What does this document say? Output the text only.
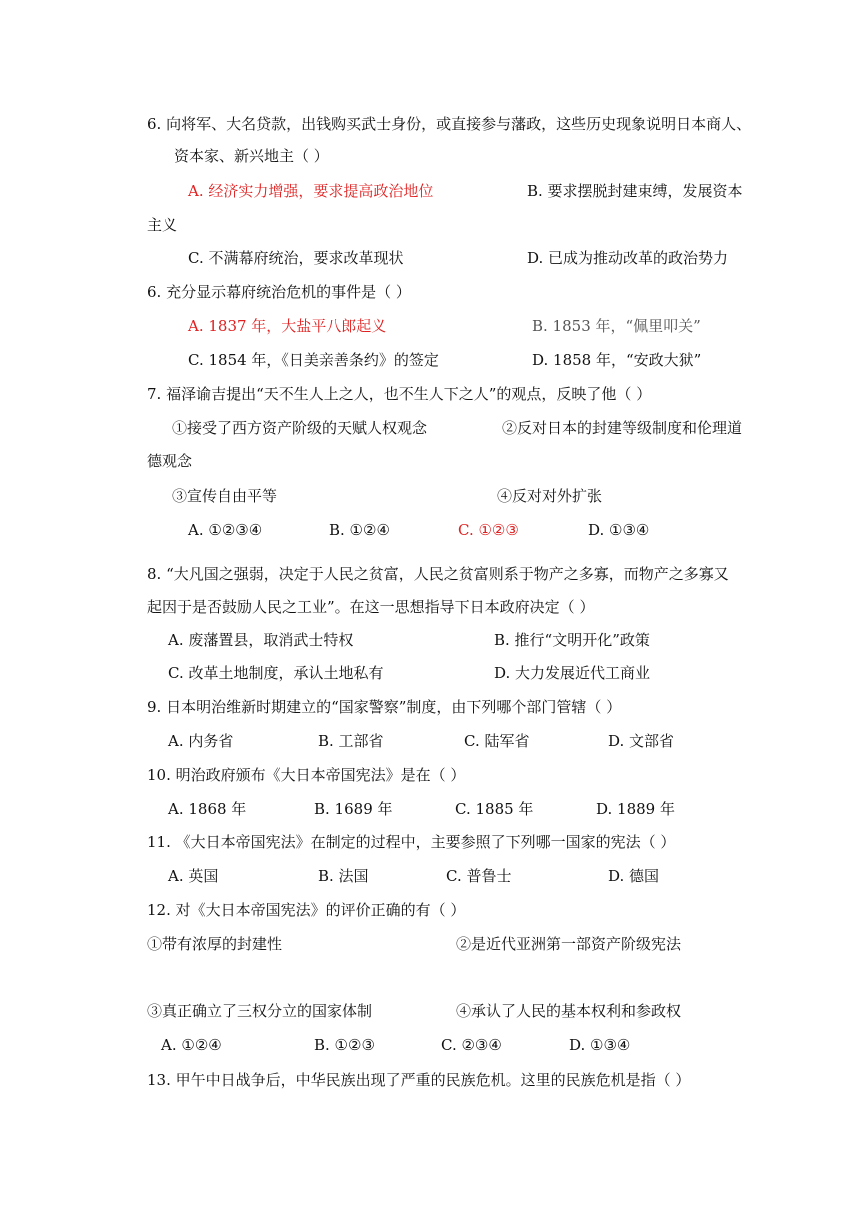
6. 向将军、大名贷款，出钱购买武士身份，或直接参与藩政，这些历史现象说明日本商人、
资本家、新兴地主（ ）
A. 经济实力增强，要求提高政治地位	B. 要求摆脱封建束缚，发展资本
主义
C. 不满幕府统治，要求改革现状	D. 已成为推动改革的政治势力
6. 充分显示幕府统治危机的事件是（ ）
A. 1837 年，大盐平八郎起义	B. 1853 年，“佩里叩关”
C. 1854 年，《日美亲善条约》的签定	D. 1858 年，“安政大狱”
7. 福泽谕吉提出“天不生人上之人，也不生人下之人”的观点，反映了他（ ）
①接受了西方资产阶级的天赋人权观念	②反对日本的封建等级制度和伦理道
德观念
③宣传自由平等	④反对对外扩张
A. ①②③④	B. ①②④	C. ①②③	D. ①③④
8. “大凡国之强弱，决定于人民之贫富，人民之贫富则系于物产之多寡，而物产之多寡又
起因于是否鼓励人民之工业”。在这一思想指导下日本政府决定（ ）
A. 废藩置县，取消武士特权	B. 推行“文明开化”政策
C. 改革土地制度，承认土地私有	D. 大力发展近代工商业
9. 日本明治维新时期建立的“国家警察”制度，由下列哪个部门管辖（ ）
A. 内务省	B. 工部省	C. 陆军省	D. 文部省
10. 明治政府颁布《大日本帝国宪法》是在（ ）
A. 1868 年	B. 1689 年	C. 1885 年	D. 1889 年
11. 《大日本帝国宪法》在制定的过程中，主要参照了下列哪一国家的宪法（ ）
A. 英国	B. 法国	C. 普鲁士	D. 德国
12. 对《大日本帝国宪法》的评价正确的有（ ）
①带有浓厚的封建性	②是近代亚洲第一部资产阶级宪法
③真正确立了三权分立的国家体制	④承认了人民的基本权利和参政权
A. ①②④	B. ①②③	C. ②③④	D. ①③④
13. 甲午中日战争后，中华民族出现了严重的民族危机。这里的民族危机是指（ ）
